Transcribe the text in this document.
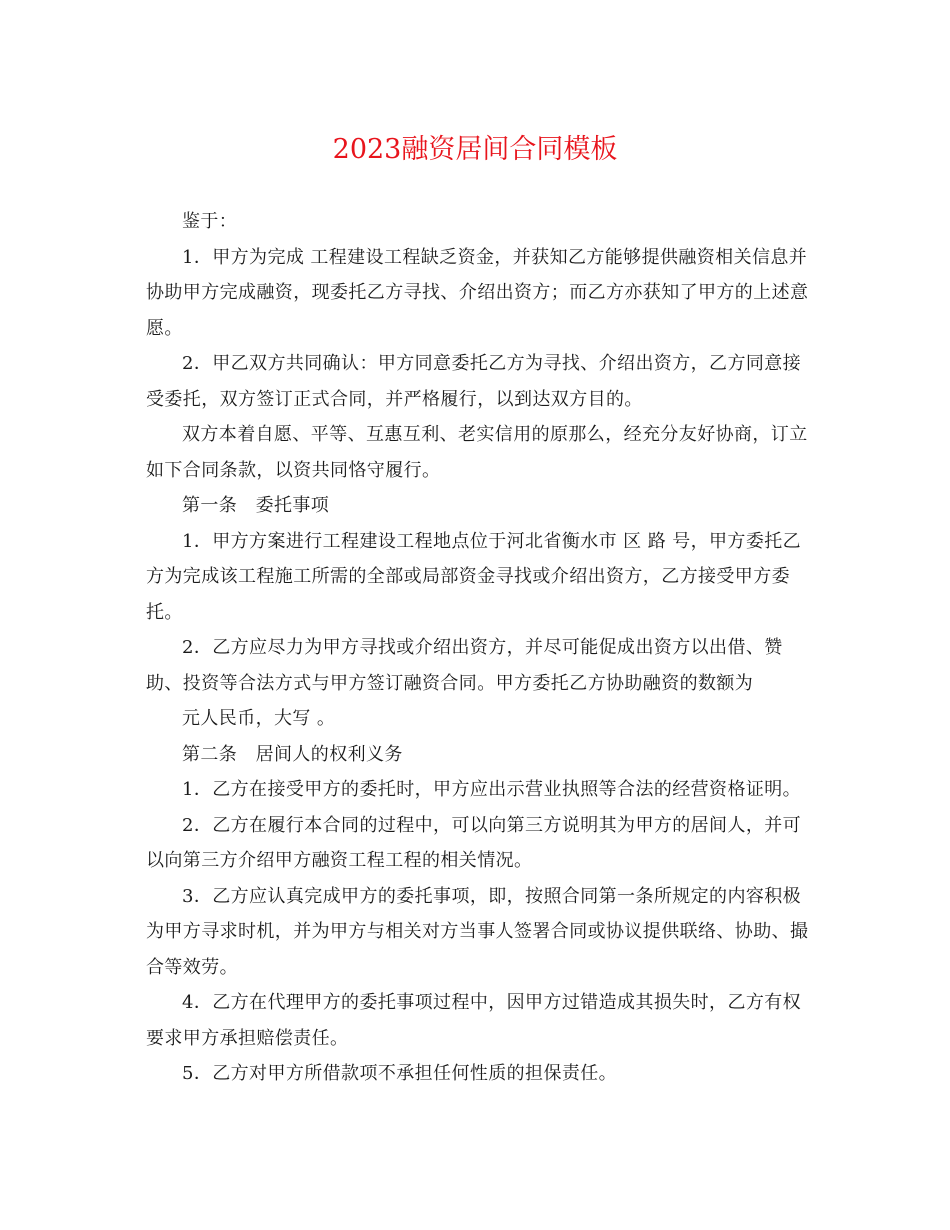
2023融资居间合同模板

鉴于：

1．甲方为完成 工程建设工程缺乏资金，并获知乙方能够提供融资相关信息并协助甲方完成融资，现委托乙方寻找、介绍出资方；而乙方亦获知了甲方的上述意愿。

2．甲乙双方共同确认：甲方同意委托乙方为寻找、介绍出资方，乙方同意接受委托，双方签订正式合同，并严格履行，以到达双方目的。

双方本着自愿、平等、互惠互利、老实信用的原那么，经充分友好协商，订立如下合同条款，以资共同恪守履行。

第一条　委托事项

1．甲方方案进行工程建设工程地点位于河北省衡水市 区 路 号，甲方委托乙方为完成该工程施工所需的全部或局部资金寻找或介绍出资方，乙方接受甲方委托。

2．乙方应尽力为甲方寻找或介绍出资方，并尽可能促成出资方以出借、赞助、投资等合法方式与甲方签订融资合同。甲方委托乙方协助融资的数额为

元人民币，大写 。

第二条　居间人的权利义务

1．乙方在接受甲方的委托时，甲方应出示营业执照等合法的经营资格证明。

2．乙方在履行本合同的过程中，可以向第三方说明其为甲方的居间人，并可以向第三方介绍甲方融资工程工程的相关情况。

3．乙方应认真完成甲方的委托事项，即，按照合同第一条所规定的内容积极为甲方寻求时机，并为甲方与相关对方当事人签署合同或协议提供联络、协助、撮合等效劳。

4．乙方在代理甲方的委托事项过程中，因甲方过错造成其损失时，乙方有权要求甲方承担赔偿责任。

5．乙方对甲方所借款项不承担任何性质的担保责任。
